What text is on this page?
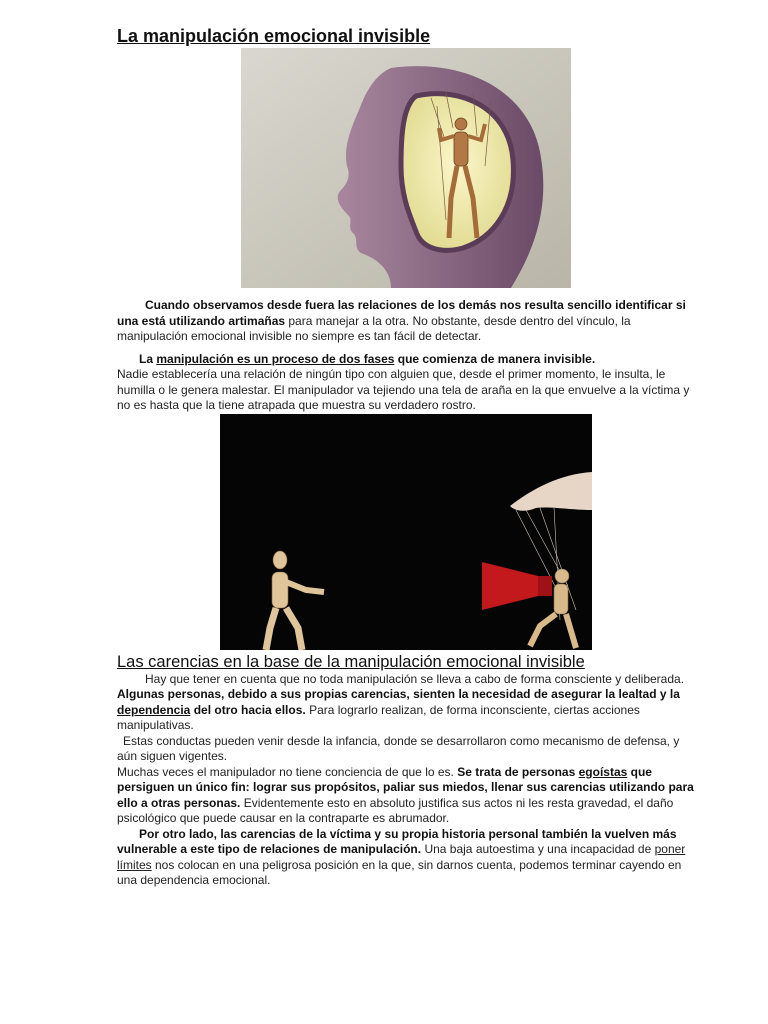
La manipulación emocional invisible

Cuando observamos desde fuera las relaciones de los demás nos resulta sencillo identificar si una está utilizando artimañas para manejar a la otra. No obstante, desde dentro del vínculo, la manipulación emocional invisible no siempre es tan fácil de detectar.

La manipulación es un proceso de dos fases que comienza de manera invisible.
Nadie establecería una relación de ningún tipo con alguien que, desde el primer momento, le insulta, le humilla o le genera malestar. El manipulador va tejiendo una tela de araña en la que envuelve a la víctima y no es hasta que la tiene atrapada que muestra su verdadero rostro.

Las carencias en la base de la manipulación emocional invisible

Hay que tener en cuenta que no toda manipulación se lleva a cabo de forma consciente y deliberada.

Algunas personas, debido a sus propias carencias, sienten la necesidad de asegurar la lealtad y la dependencia del otro hacia ellos. Para lograrlo realizan, de forma inconsciente, ciertas acciones manipulativas.

Estas conductas pueden venir desde la infancia, donde se desarrollaron como mecanismo de defensa, y aún siguen vigentes.

Muchas veces el manipulador no tiene conciencia de que lo es. Se trata de personas egoístas que persiguen un único fin: lograr sus propósitos, paliar sus miedos, llenar sus carencias utilizando para ello a otras personas. Evidentemente esto en absoluto justifica sus actos ni les resta gravedad, el daño psicológico que puede causar en la contraparte es abrumador.

Por otro lado, las carencias de la víctima y su propia historia personal también la vuelven más vulnerable a este tipo de relaciones de manipulación. Una baja autoestima y una incapacidad de poner límites nos colocan en una peligrosa posición en la que, sin darnos cuenta, podemos terminar cayendo en una dependencia emocional.
